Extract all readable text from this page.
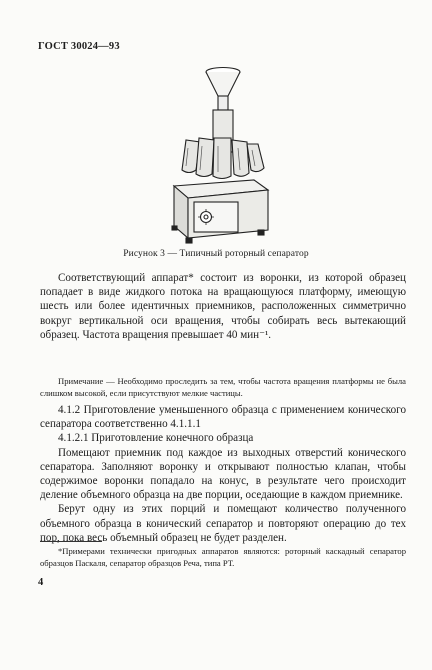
ГОСТ 30024—93
Рисунок 3 — Типичный роторный сепаратор

Соответствующий аппарат* состоит из воронки, из которой образец попадает в виде жидкого потока на вращающуюся платформу, имеющую шесть или более идентичных приемников, расположенных симметрично вокруг вертикальной оси вращения, чтобы собирать весь вытекающий образец. Частота вращения превышает 40 мин⁻¹.

Примечание — Необходимо проследить за тем, чтобы частота вращения платформы не была слишком высокой, если присутствуют мелкие частицы.

4.1.2 Приготовление уменьшенного образца с применением конического сепаратора соответственно 4.1.1.1

4.1.2.1 Приготовление конечного образца

Помещают приемник под каждое из выходных отверстий конического сепаратора. Заполняют воронку и открывают полностью клапан, чтобы содержимое воронки попадало на конус, в результате чего происходит деление объемного образца на две порции, оседающие в каждом приемнике.

Берут одну из этих порций и помещают количество полученного объемного образца в конический сепаратор и повторяют операцию до тех пор, пока весь объемный образец не будет разделен.

*Примерами технически пригодных аппаратов являются: роторный каскадный сепаратор образцов Паскаля, сепаратор образцов Реча, типа РТ.

4
